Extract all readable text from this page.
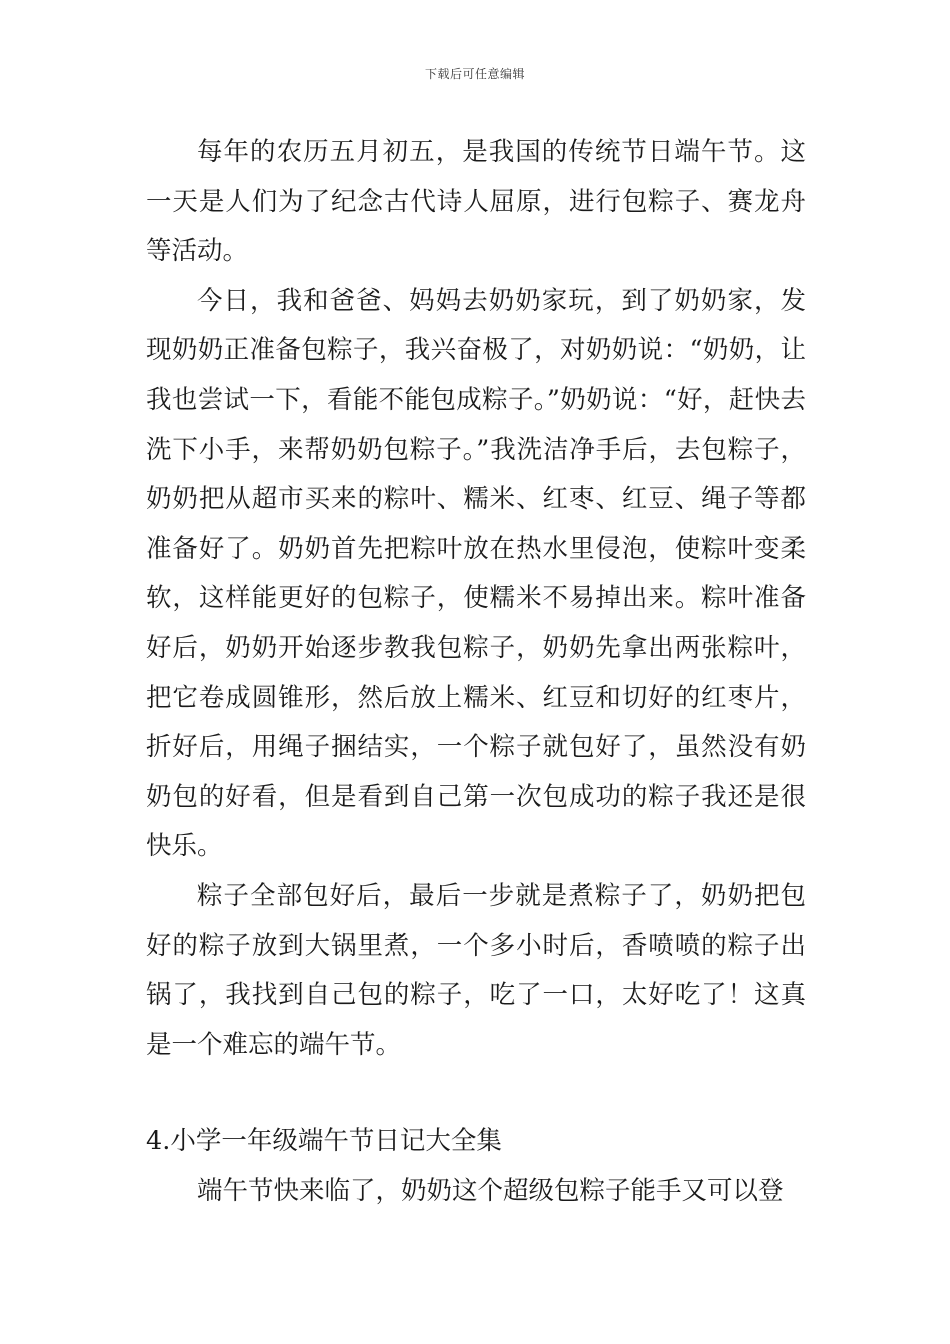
下载后可任意编辑

每年的农历五月初五，是我国的传统节日端午节。这一天是人们为了纪念古代诗人屈原，进行包粽子、赛龙舟等活动。

今日，我和爸爸、妈妈去奶奶家玩，到了奶奶家，发现奶奶正准备包粽子，我兴奋极了，对奶奶说：“奶奶，让我也尝试一下，看能不能包成粽子。”奶奶说：“好，赶快去洗下小手，来帮奶奶包粽子。”我洗洁净手后，去包粽子，奶奶把从超市买来的粽叶、糯米、红枣、红豆、绳子等都准备好了。奶奶首先把粽叶放在热水里侵泡，使粽叶变柔软，这样能更好的包粽子，使糯米不易掉出来。粽叶准备好后，奶奶开始逐步教我包粽子，奶奶先拿出两张粽叶，把它卷成圆锥形，然后放上糯米、红豆和切好的红枣片，折好后，用绳子捆结实，一个粽子就包好了，虽然没有奶奶包的好看，但是看到自己第一次包成功的粽子我还是很快乐。

粽子全部包好后，最后一步就是煮粽子了，奶奶把包好的粽子放到大锅里煮，一个多小时后，香喷喷的粽子出锅了，我找到自己包的粽子，吃了一口，太好吃了！这真是一个难忘的端午节。

4.小学一年级端午节日记大全集

端午节快来临了，奶奶这个超级包粽子能手又可以登
